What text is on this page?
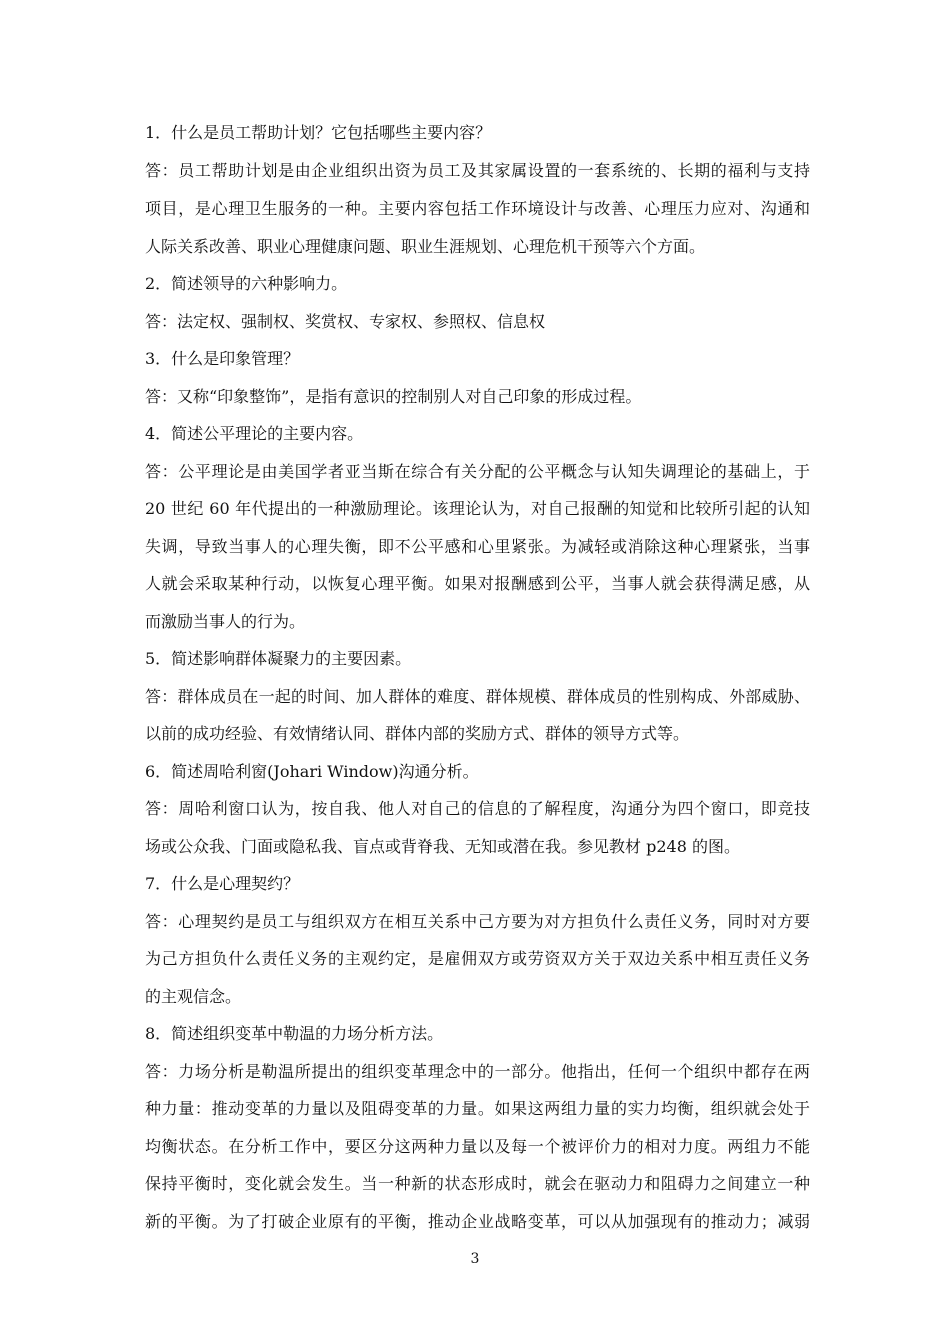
1．什么是员工帮助计划？它包括哪些主要内容？
答：员工帮助计划是由企业组织出资为员工及其家属设置的一套系统的、长期的福利与支持
项目，是心理卫生服务的一种。主要内容包括工作环境设计与改善、心理压力应对、沟通和
人际关系改善、职业心理健康问题、职业生涯规划、心理危机干预等六个方面。
2．简述领导的六种影响力。
答：法定权、强制权、奖赏权、专家权、参照权、信息权
3．什么是印象管理？
答：又称“印象整饰”，是指有意识的控制别人对自己印象的形成过程。
4．简述公平理论的主要内容。
答：公平理论是由美国学者亚当斯在综合有关分配的公平概念与认知失调理论的基础上，于
20 世纪 60 年代提出的一种激励理论。该理论认为，对自己报酬的知觉和比较所引起的认知
失调，导致当事人的心理失衡，即不公平感和心里紧张。为减轻或消除这种心理紧张，当事
人就会采取某种行动，以恢复心理平衡。如果对报酬感到公平，当事人就会获得满足感，从
而激励当事人的行为。
5．简述影响群体凝聚力的主要因素。
答：群体成员在一起的时间、加人群体的难度、群体规模、群体成员的性别构成、外部威胁、
以前的成功经验、有效情绪认同、群体内部的奖励方式、群体的领导方式等。
6．简述周哈利窗(Johari Window)沟通分析。
答：周哈利窗口认为，按自我、他人对自己的信息的了解程度，沟通分为四个窗口，即竞技
场或公众我、门面或隐私我、盲点或背脊我、无知或潜在我。参见教材 p248 的图。
7．什么是心理契约？
答：心理契约是员工与组织双方在相互关系中己方要为对方担负什么责任义务，同时对方要
为己方担负什么责任义务的主观约定，是雇佣双方或劳资双方关于双边关系中相互责任义务
的主观信念。
8．简述组织变革中勒温的力场分析方法。
答：力场分析是勒温所提出的组织变革理念中的一部分。他指出，任何一个组织中都存在两
种力量：推动变革的力量以及阻碍变革的力量。如果这两组力量的实力均衡，组织就会处于
均衡状态。在分析工作中，要区分这两种力量以及每一个被评价力的相对力度。两组力不能
保持平衡时，变化就会发生。当一种新的状态形成时，就会在驱动力和阻碍力之间建立一种
新的平衡。为了打破企业原有的平衡，推动企业战略变革，可以从加强现有的推动力；减弱
3
